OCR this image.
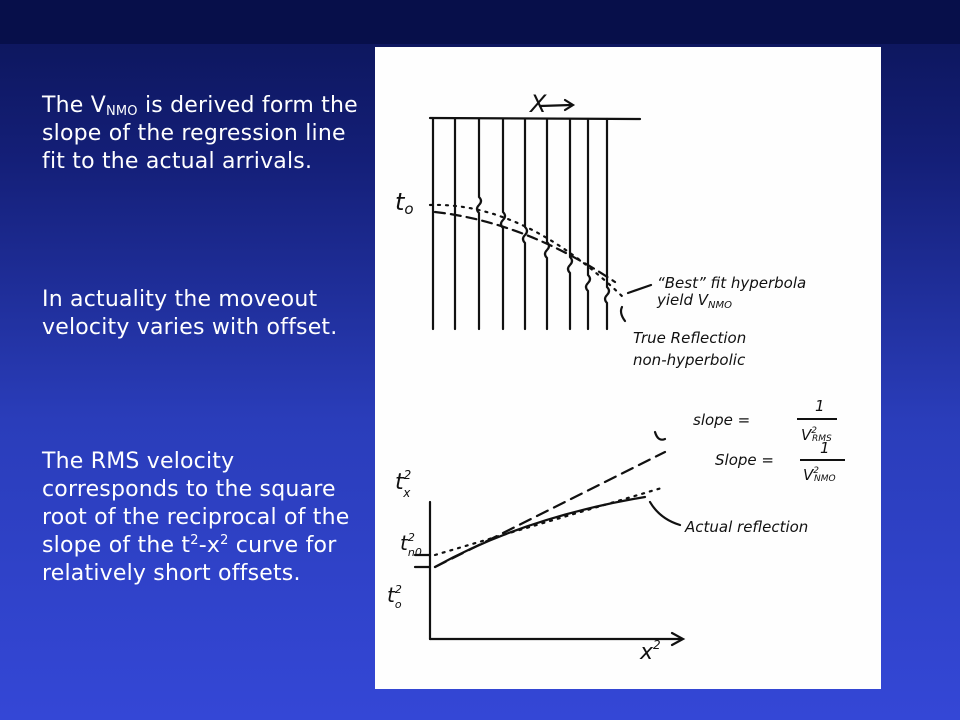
The $V_{NMO}$ is derived form the slope of the regression line fit to the actual arrivals.

In actuality the moveout velocity varies with offset.

The RMS velocity corresponds to the square root of the reciprocal of the slope of the $t^2-x^2$ curve for relatively short offsets.

X
to
“Best” fit hyperbola
yield $V_{NMO}$
True Reflection
non-hyperbolic
$t^2$ x
$x^2$
$t^2$ n0
$t^2$ o
slope =
1
$V^2$ RMS
Slope =
1
$V^2$ NMO
Actual reflection
